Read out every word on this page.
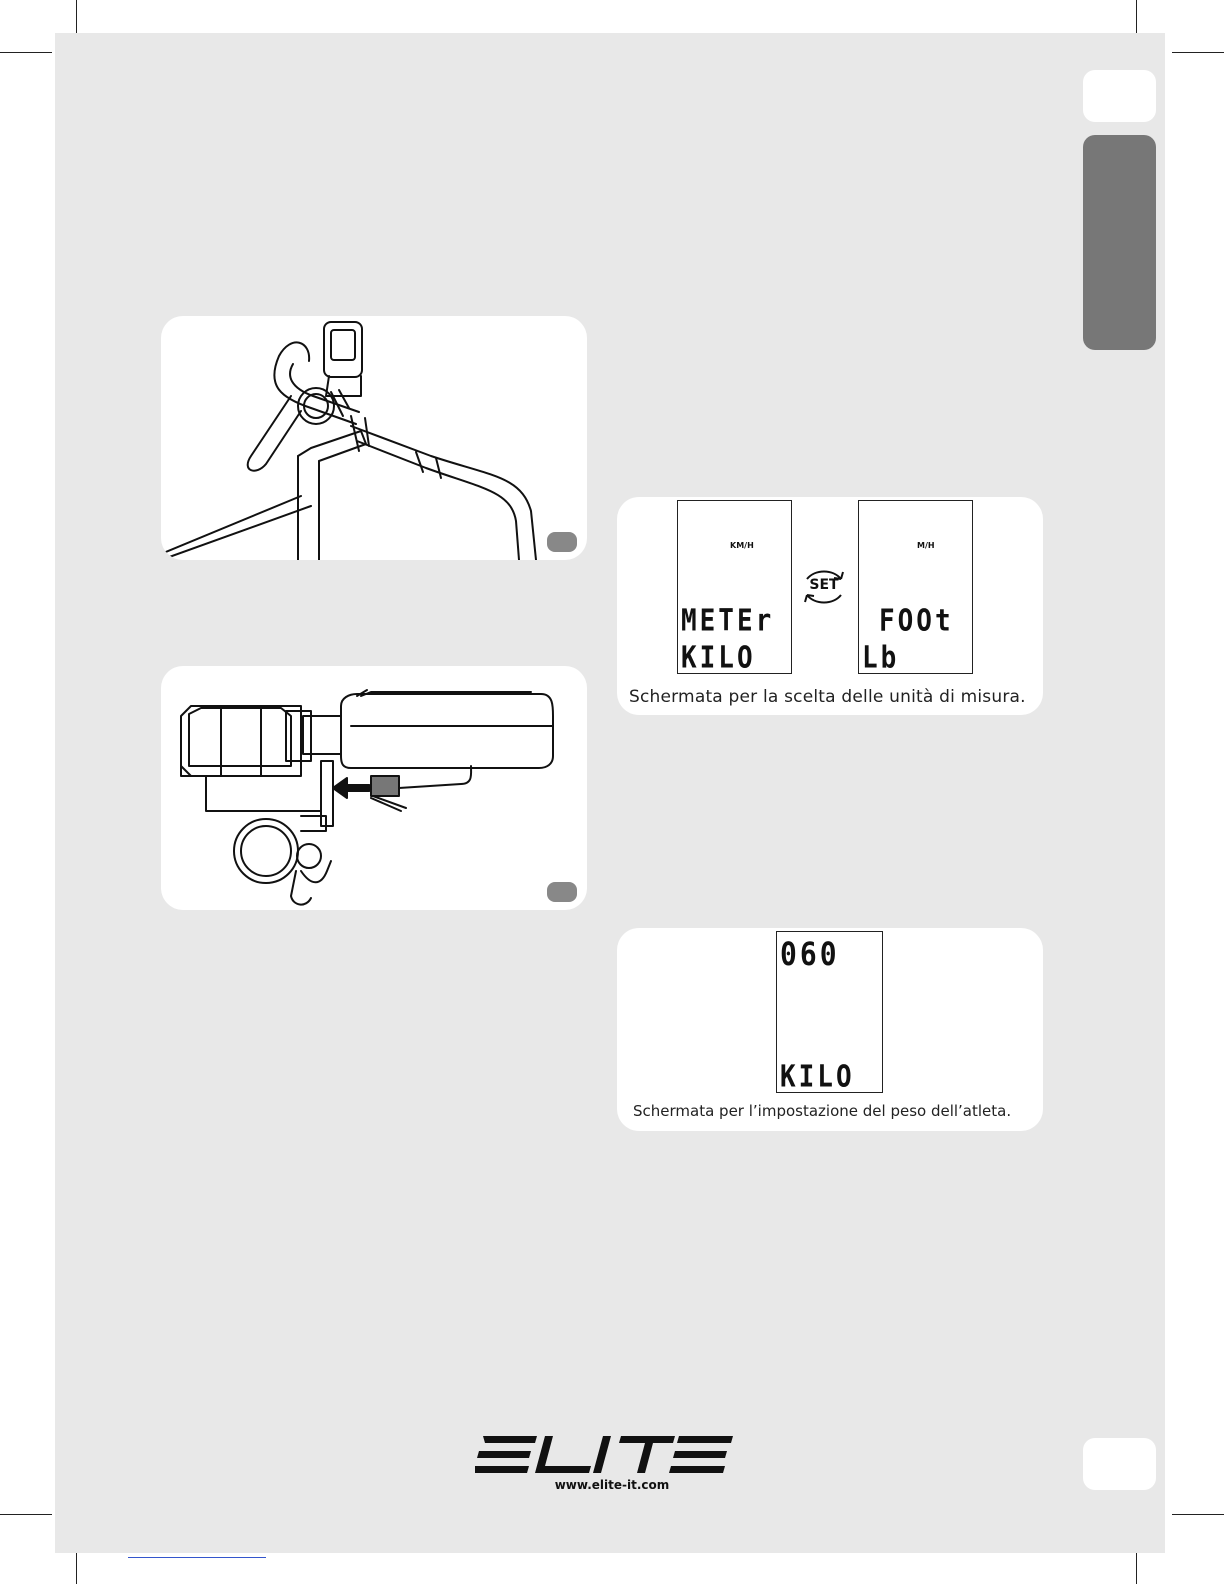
KM/H
METEr
KILO
SET
M/H
FOOt
Lb
Schermata per la scelta delle unità di misura.
060
KILO
Schermata per l’impostazione del peso dell’atleta.
www.elite-it.com
